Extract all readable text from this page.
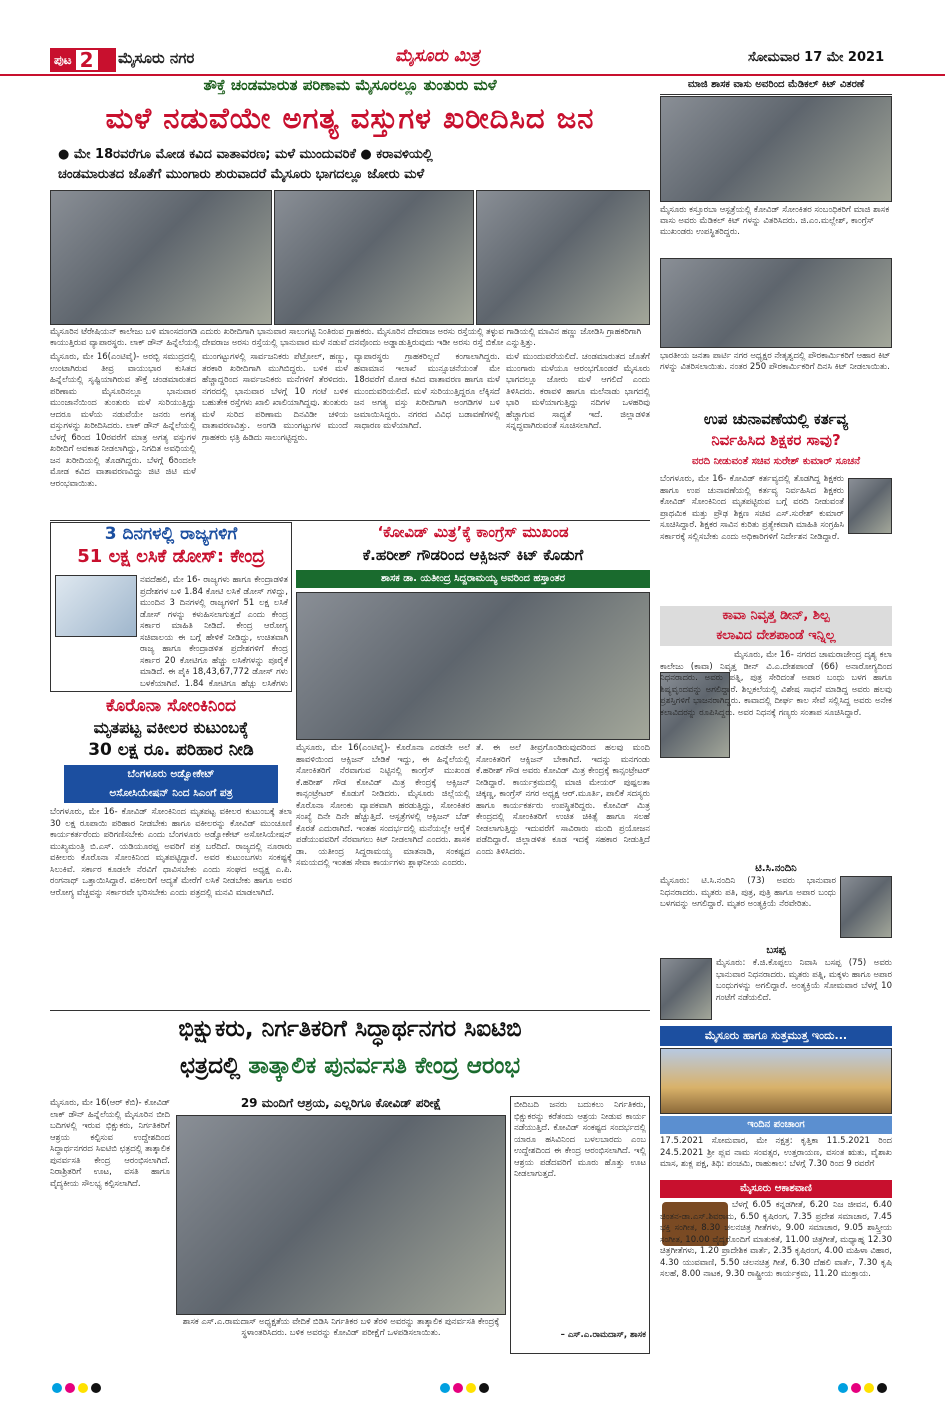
ಪುಟ 2 ಮೈಸೂರು ನಗರ	ಮೈಸೂರು ಮಿತ್ರ	ಸೋಮವಾರ 17 ಮೇ 2021
ತೌಕ್ತೆ ಚಂಡಮಾರುತ ಪರಿಣಾಮ ಮೈಸೂರಲ್ಲೂ ತುಂತುರು ಮಳೆ
ಮಳೆ ನಡುವೆಯೇ ಅಗತ್ಯ ವಸ್ತುಗಳ ಖರೀದಿಸಿದ ಜನ
● ಮೇ 18ರವರೆಗೂ ಮೋಡ ಕವಿದ ವಾತಾವರಣ; ಮಳೆ ಮುಂದುವರಿಕೆ ● ಕರಾವಳಿಯಲ್ಲಿ
ಚಂಡಮಾರುತದ ಜೊತೆಗೆ ಮುಂಗಾರು ಶುರುವಾದರೆ ಮೈಸೂರು ಭಾಗದಲ್ಲೂ ಜೋರು ಮಳೆ
ಮೈಸೂರಿನ ಟೆರೇಷಿಯನ್ ಕಾಲೇಜು ಬಳಿ ಮಾಂಸದಂಗಡಿ ಎದುರು ಖರೀದಿಗಾಗಿ ಭಾನುವಾರ ಸಾಲುಗಟ್ಟಿ ನಿಂತಿರುವ ಗ್ರಾಹಕರು. ಮೈಸೂರಿನ ದೇವರಾಜ ಅರಸು ರಸ್ತೆಯಲ್ಲಿ ತಳ್ಳುವ ಗಾಡಿಯಲ್ಲಿ ಮಾವಿನ ಹಣ್ಣು ಜೋಡಿಸಿ ಗ್ರಾಹಕರಿಗಾಗಿ ಕಾಯುತ್ತಿರುವ ವ್ಯಾಪಾರಸ್ಥರು. ಲಾಕ್ ಡೌನ್ ಹಿನ್ನೆಲೆಯಲ್ಲಿ ದೇವರಾಜ ಅರಸು ರಸ್ತೆಯಲ್ಲಿ ಭಾನುವಾರ ಮಳೆ ನಡುವೆ ದನವೊಂದು ಅಡ್ಡಾಡುತ್ತಿರುವುದು ಇಡೀ ಅರಸು ರಸ್ತೆ ಬಿಕೋ ಎನ್ನುತ್ತಿತ್ತು.
ಮೈಸೂರು, ಮೇ 16(ಎಂಟಿವೈ)- ಅರಬ್ಬಿ ಸಮುದ್ರದಲ್ಲಿ ಉಂಟಾಗಿರುವ ತೀವ್ರ ವಾಯುಭಾರ ಕುಸಿತದ ಹಿನ್ನೆಲೆಯಲ್ಲಿ ಸೃಷ್ಟಿಯಾಗಿರುವ ತೌಕ್ತೆ ಚಂಡಮಾರುತದ ಪರಿಣಾಮ ಮೈಸೂರಿನಲ್ಲೂ ಭಾನುವಾರ ಮುಂಜಾನೆಯಿಂದ ತುಂತುರು ಮಳೆ ಸುರಿಯುತ್ತಿದ್ದು ಆದರೂ ಮಳೆಯ ನಡುವೆಯೇ ಜನರು ಅಗತ್ಯ ವಸ್ತುಗಳನ್ನು ಖರೀದಿಸಿದರು. ಲಾಕ್ ಡೌನ್ ಹಿನ್ನೆಲೆಯಲ್ಲಿ ಬೆಳಗ್ಗೆ 6ರಿಂದ 10ರವರೆಗೆ ಮಾತ್ರ ಅಗತ್ಯ ವಸ್ತುಗಳ ಖರೀದಿಗೆ ಅವಕಾಶ ನೀಡಲಾಗಿದ್ದು, ನಿಗದಿತ ಅವಧಿಯಲ್ಲಿ ಜನ ಖರೀದಿಯಲ್ಲಿ ತೊಡಗಿದ್ದರು. ಬೆಳಗ್ಗೆ 6ರಿಂದಲೇ ಮೋಡ ಕವಿದ ವಾತಾವರಣವಿದ್ದು ಜಿಟಿ ಜಿಟಿ ಮಳೆ ಆರಂಭವಾಯಿತು.
ಮುಂಗಟ್ಟುಗಳಲ್ಲಿ ಸಾರ್ವಜನಿಕರು ಪೆಟ್ರೋಲ್, ಹಣ್ಣು, ತರಕಾರಿ ಖರೀದಿಗಾಗಿ ಮುಗಿಬಿದ್ದರು. ಬಳಿಕ ಮಳೆ ಹೆಚ್ಚಾದ್ದರಿಂದ ಸಾರ್ವಜನಿಕರು ಮನೆಗಳಿಗೆ ತೆರಳಿದರು. ನಗರದಲ್ಲಿ ಭಾನುವಾರ ಬೆಳಗ್ಗೆ 10 ಗಂಟೆ ಬಳಿಕ ಬಹುತೇಕ ರಸ್ತೆಗಳು ಖಾಲಿ ಖಾಲಿಯಾಗಿದ್ದವು. ತುಂತುರು ಮಳೆ ಸುರಿದ ಪರಿಣಾಮ ದಿನವಿಡೀ ಚಳಿಯ ವಾತಾವರಣವಿತ್ತು. ಅಂಗಡಿ ಮುಂಗಟ್ಟುಗಳ ಮುಂದೆ ಗ್ರಾಹಕರು ಛತ್ರಿ ಹಿಡಿದು ಸಾಲುಗಟ್ಟಿದ್ದರು.
ವ್ಯಾಪಾರಸ್ಥರು ಗ್ರಾಹಕರಿಲ್ಲದೆ ಕಂಗಾಲಾಗಿದ್ದರು. ಹವಾಮಾನ ಇಲಾಖೆ ಮುನ್ಸೂಚನೆಯಂತೆ ಮೇ 18ರವರೆಗೆ ಮೋಡ ಕವಿದ ವಾತಾವರಣ ಹಾಗೂ ಮಳೆ ಮುಂದುವರಿಯಲಿದೆ. ಮಳೆ ಸುರಿಯುತ್ತಿದ್ದರೂ ಲೆಕ್ಕಿಸದೆ ಜನ ಅಗತ್ಯ ವಸ್ತು ಖರೀದಿಗಾಗಿ ಅಂಗಡಿಗಳ ಬಳಿ ಜಮಾಯಿಸಿದ್ದರು. ನಗರದ ವಿವಿಧ ಬಡಾವಣೆಗಳಲ್ಲಿ ಸಾಧಾರಣ ಮಳೆಯಾಗಿದೆ.
ಮಳೆ ಮುಂದುವರೆಯಲಿದೆ. ಚಂಡಮಾರುತದ ಜೊತೆಗೆ ಮುಂಗಾರು ಮಳೆಯೂ ಆರಂಭಗೊಂಡರೆ ಮೈಸೂರು ಭಾಗದಲ್ಲೂ ಜೋರು ಮಳೆ ಆಗಲಿದೆ ಎಂದು ತಿಳಿಸಿದರು. ಕರಾವಳಿ ಹಾಗೂ ಮಲೆನಾಡು ಭಾಗದಲ್ಲಿ ಭಾರಿ ಮಳೆಯಾಗುತ್ತಿದ್ದು ನದಿಗಳ ಒಳಹರಿವು ಹೆಚ್ಚಾಗುವ ಸಾಧ್ಯತೆ ಇದೆ. ಜಿಲ್ಲಾಡಳಿತ ಸನ್ನದ್ಧವಾಗಿರುವಂತೆ ಸೂಚಿಸಲಾಗಿದೆ.
3 ದಿನಗಳಲ್ಲಿ ರಾಜ್ಯಗಳಿಗೆ
51 ಲಕ್ಷ ಲಸಿಕೆ ಡೋಸ್: ಕೇಂದ್ರ
ನವದೆಹಲಿ, ಮೇ 16- ರಾಜ್ಯಗಳು ಹಾಗೂ ಕೇಂದ್ರಾಡಳಿತ ಪ್ರದೇಶಗಳ ಬಳಿ 1.84 ಕೋಟಿ ಲಸಿಕೆ ಡೋಸ್ ಗಳಿದ್ದು, ಮುಂದಿನ 3 ದಿನಗಳಲ್ಲಿ ರಾಜ್ಯಗಳಿಗೆ 51 ಲಕ್ಷ ಲಸಿಕೆ ಡೋಸ್ ಗಳನ್ನು ಕಳುಹಿಸಲಾಗುತ್ತದೆ ಎಂದು ಕೇಂದ್ರ ಸರ್ಕಾರ ಮಾಹಿತಿ ನೀಡಿದೆ. ಕೇಂದ್ರ ಆರೋಗ್ಯ ಸಚಿವಾಲಯ ಈ ಬಗ್ಗೆ ಹೇಳಿಕೆ ನೀಡಿದ್ದು, ಉಚಿತವಾಗಿ ರಾಜ್ಯ ಹಾಗೂ ಕೇಂದ್ರಾಡಳಿತ ಪ್ರದೇಶಗಳಿಗೆ ಕೇಂದ್ರ ಸರ್ಕಾರ 20 ಕೋಟಿಗೂ ಹೆಚ್ಚು ಲಸಿಕೆಗಳನ್ನು ಪೂರೈಕೆ ಮಾಡಿದೆ. ಈ ಪೈಕಿ 18,43,67,772 ಡೋಸ್ ಗಳು ಬಳಕೆಯಾಗಿವೆ. 1.84 ಕೋಟಿಗೂ ಹೆಚ್ಚು ಲಸಿಕೆಗಳು
ಕೊರೊನಾ ಸೋಂಕಿನಿಂದ
ಮೃತಪಟ್ಟ ವಕೀಲರ ಕುಟುಂಬಕ್ಕೆ
30 ಲಕ್ಷ ರೂ. ಪರಿಹಾರ ನೀಡಿ
ಬೆಂಗಳೂರು ಅಡ್ವೋಕೇಟ್
ಅಸೋಸಿಯೇಷನ್ ನಿಂದ ಸಿಎಂಗೆ ಪತ್ರ
ಬೆಂಗಳೂರು, ಮೇ 16- ಕೋವಿಡ್ ಸೋಂಕಿನಿಂದ ಮೃತಪಟ್ಟ ವಕೀಲರ ಕುಟುಂಬಕ್ಕೆ ತಲಾ 30 ಲಕ್ಷ ರೂಪಾಯಿ ಪರಿಹಾರ ನೀಡಬೇಕು ಹಾಗೂ ವಕೀಲರನ್ನು ಕೋವಿಡ್ ಮುಂಚೂಣಿ ಕಾರ್ಯಕರ್ತರೆಂದು ಪರಿಗಣಿಸಬೇಕು ಎಂದು ಬೆಂಗಳೂರು ಅಡ್ವೋಕೇಟ್ ಅಸೋಸಿಯೇಷನ್ ಮುಖ್ಯಮಂತ್ರಿ ಬಿ.ಎಸ್. ಯಡಿಯೂರಪ್ಪ ಅವರಿಗೆ ಪತ್ರ ಬರೆದಿದೆ. ರಾಜ್ಯದಲ್ಲಿ ನೂರಾರು ವಕೀಲರು ಕೊರೊನಾ ಸೋಂಕಿನಿಂದ ಮೃತಪಟ್ಟಿದ್ದಾರೆ. ಅವರ ಕುಟುಂಬಗಳು ಸಂಕಷ್ಟಕ್ಕೆ ಸಿಲುಕಿವೆ. ಸರ್ಕಾರ ಕೂಡಲೇ ನೆರವಿಗೆ ಧಾವಿಸಬೇಕು ಎಂದು ಸಂಘದ ಅಧ್ಯಕ್ಷ ಎ.ಪಿ. ರಂಗನಾಥ್ ಒತ್ತಾಯಿಸಿದ್ದಾರೆ. ವಕೀಲರಿಗೆ ಆದ್ಯತೆ ಮೇರೆಗೆ ಲಸಿಕೆ ನೀಡಬೇಕು ಹಾಗೂ ಅವರ ಆರೋಗ್ಯ ವೆಚ್ಚವನ್ನು ಸರ್ಕಾರವೇ ಭರಿಸಬೇಕು ಎಂದು ಪತ್ರದಲ್ಲಿ ಮನವಿ ಮಾಡಲಾಗಿದೆ.
‘ಕೋವಿಡ್ ಮಿತ್ರ’ಕ್ಕೆ ಕಾಂಗ್ರೆಸ್ ಮುಖಂಡ
ಕೆ.ಹರೀಶ್ ಗೌಡರಿಂದ ಆಕ್ಸಿಜನ್ ಕಿಟ್ ಕೊಡುಗೆ
ಶಾಸಕ ಡಾ. ಯತೀಂದ್ರ ಸಿದ್ದರಾಮಯ್ಯ ಅವರಿಂದ ಹಸ್ತಾಂತರ
ಮೈಸೂರು, ಮೇ 16(ಎಂಟಿವೈ)- ಕೊರೊನಾ ಎರಡನೇ ಅಲೆ ಹಾವಳಿಯಿಂದ ಆಕ್ಸಿಜನ್ ಬೇಡಿಕೆ ಇದ್ದು, ಈ ಹಿನ್ನೆಲೆಯಲ್ಲಿ ಸೋಂಕಿತರಿಗೆ ನೆರವಾಗುವ ನಿಟ್ಟಿನಲ್ಲಿ ಕಾಂಗ್ರೆಸ್ ಮುಖಂಡ ಕೆ.ಹರೀಶ್ ಗೌಡ ಕೋವಿಡ್ ಮಿತ್ರ ಕೇಂದ್ರಕ್ಕೆ ಆಕ್ಸಿಜನ್ ಕಾನ್ಸಂಟ್ರೇಟರ್ ಕೊಡುಗೆ ನೀಡಿದರು. ಮೈಸೂರು ಜಿಲ್ಲೆಯಲ್ಲಿ ಕೊರೊನಾ ಸೋಂಕು ವ್ಯಾಪಕವಾಗಿ ಹರಡುತ್ತಿದ್ದು, ಸೋಂಕಿತರ ಸಂಖ್ಯೆ ದಿನೇ ದಿನೇ ಹೆಚ್ಚುತ್ತಿದೆ. ಆಸ್ಪತ್ರೆಗಳಲ್ಲಿ ಆಕ್ಸಿಜನ್ ಬೆಡ್ ಕೊರತೆ ಎದುರಾಗಿದೆ. ಇಂತಹ ಸಂದರ್ಭದಲ್ಲಿ ಮನೆಯಲ್ಲೇ ಆರೈಕೆ ಪಡೆಯುವವರಿಗೆ ನೆರವಾಗಲು ಕಿಟ್ ನೀಡಲಾಗಿದೆ ಎಂದರು. ಶಾಸಕ ಡಾ. ಯತೀಂದ್ರ ಸಿದ್ದರಾಮಯ್ಯ ಮಾತನಾಡಿ, ಸಂಕಷ್ಟದ ಸಮಯದಲ್ಲಿ ಇಂತಹ ಸೇವಾ ಕಾರ್ಯಗಳು ಶ್ಲಾಘನೀಯ ಎಂದರು.
ತೆ. ಈ ಅಲೆ ತೀವ್ರಗೊಂಡಿರುವುದರಿಂದ ಹಲವು ಮಂದಿ ಸೋಂಕಿತರಿಗೆ ಆಕ್ಸಿಜನ್ ಬೇಕಾಗಿದೆ. ಇದನ್ನು ಮನಗಂಡು ಕೆ.ಹರೀಶ್ ಗೌಡ ಅವರು ಕೋವಿಡ್ ಮಿತ್ರ ಕೇಂದ್ರಕ್ಕೆ ಕಾನ್ಸಂಟ್ರೇಟರ್ ನೀಡಿದ್ದಾರೆ. ಕಾರ್ಯಕ್ರಮದಲ್ಲಿ ಮಾಜಿ ಮೇಯರ್ ಪುಷ್ಪಲತಾ ಚಿಕ್ಕಣ್ಣ, ಕಾಂಗ್ರೆಸ್ ನಗರ ಅಧ್ಯಕ್ಷ ಆರ್.ಮೂರ್ತಿ, ಪಾಲಿಕೆ ಸದಸ್ಯರು ಹಾಗೂ ಕಾರ್ಯಕರ್ತರು ಉಪಸ್ಥಿತರಿದ್ದರು. ಕೋವಿಡ್ ಮಿತ್ರ ಕೇಂದ್ರದಲ್ಲಿ ಸೋಂಕಿತರಿಗೆ ಉಚಿತ ಚಿಕಿತ್ಸೆ ಹಾಗೂ ಸಲಹೆ ನೀಡಲಾಗುತ್ತಿದ್ದು ಇದುವರೆಗೆ ಸಾವಿರಾರು ಮಂದಿ ಪ್ರಯೋಜನ ಪಡೆದಿದ್ದಾರೆ. ಜಿಲ್ಲಾಡಳಿತ ಕೂಡ ಇದಕ್ಕೆ ಸಹಕಾರ ನೀಡುತ್ತಿದೆ ಎಂದು ತಿಳಿಸಿದರು.
ಭಿಕ್ಷುಕರು, ನಿರ್ಗತಿಕರಿಗೆ ಸಿದ್ಧಾರ್ಥನಗರ ಸಿಐಟಿಬಿ
ಛತ್ರದಲ್ಲಿ ತಾತ್ಕಾಲಿಕ ಪುನರ್ವಸತಿ ಕೇಂದ್ರ ಆರಂಭ
ಮೈಸೂರು, ಮೇ 16(ಆರ್ ಕೆಬಿ)- ಕೋವಿಡ್ ಲಾಕ್ ಡೌನ್ ಹಿನ್ನೆಲೆಯಲ್ಲಿ ಮೈಸೂರಿನ ಬೀದಿ ಬದಿಗಳಲ್ಲಿ ಇರುವ ಭಿಕ್ಷುಕರು, ನಿರ್ಗತಿಕರಿಗೆ ಆಶ್ರಯ ಕಲ್ಪಿಸುವ ಉದ್ದೇಶದಿಂದ ಸಿದ್ಧಾರ್ಥನಗರದ ಸಿಐಟಿಬಿ ಛತ್ರದಲ್ಲಿ ತಾತ್ಕಾಲಿಕ ಪುನರ್ವಸತಿ ಕೇಂದ್ರ ಆರಂಭಿಸಲಾಗಿದೆ. ನಿರಾಶ್ರಿತರಿಗೆ ಊಟ, ವಸತಿ ಹಾಗೂ ವೈದ್ಯಕೀಯ ಸೌಲಭ್ಯ ಕಲ್ಪಿಸಲಾಗಿದೆ.
29 ಮಂದಿಗೆ ಆಶ್ರಯ, ಎಲ್ಲರಿಗೂ ಕೋವಿಡ್ ಪರೀಕ್ಷೆ
ಶಾಸಕ ಎಸ್.ಎ.ರಾಮದಾಸ್ ಅಧ್ಯಕ್ಷತೆಯ ವೇದಿಕೆ ಬಿಡಿಸಿ ನಿರ್ಗತಿಕರ ಬಳಿ ತೆರಳಿ ಅವರನ್ನು ತಾತ್ಕಾಲಿಕ ಪುನರ್ವಸತಿ ಕೇಂದ್ರಕ್ಕೆ ಸ್ಥಳಾಂತರಿಸಿದರು. ಬಳಿಕ ಅವರನ್ನು ಕೋವಿಡ್ ಪರೀಕ್ಷೆಗೆ ಒಳಪಡಿಸಲಾಯಿತು.
ಬೀದಿಬದಿ ಜನರು ಬದುಕಲು ನಿರ್ಗತಿಕರು, ಭಿಕ್ಷುಕರನ್ನು ಕರೆತಂದು ಆಶ್ರಯ ನೀಡುವ ಕಾರ್ಯ ನಡೆಯುತ್ತಿದೆ. ಕೋವಿಡ್ ಸಂಕಷ್ಟದ ಸಂದರ್ಭದಲ್ಲಿ ಯಾರೂ ಹಸಿವಿನಿಂದ ಬಳಲಬಾರದು ಎಂಬ ಉದ್ದೇಶದಿಂದ ಈ ಕೇಂದ್ರ ಆರಂಭಿಸಲಾಗಿದೆ. ಇಲ್ಲಿ ಆಶ್ರಯ ಪಡೆದವರಿಗೆ ಮೂರು ಹೊತ್ತು ಊಟ ನೀಡಲಾಗುತ್ತದೆ.
– ಎಸ್.ಎ.ರಾಮದಾಸ್, ಶಾಸಕ
ಮಾಜಿ ಶಾಸಕ ವಾಸು ಅವರಿಂದ ಮೆಡಿಕಲ್ ಕಿಟ್ ವಿತರಣೆ
ಮೈಸೂರು ಕಸ್ತೂರಬಾ ಆಸ್ಪತ್ರೆಯಲ್ಲಿ ಕೋವಿಡ್ ಸೋಂಕಿತರ ಸಂಬಂಧಿಕರಿಗೆ ಮಾಜಿ ಶಾಸಕ ವಾಸು ಅವರು ಮೆಡಿಕಲ್ ಕಿಟ್ ಗಳನ್ನು ವಿತರಿಸಿದರು. ಜಿ.ಎಂ.ಮಲ್ಲೇಶ್, ಕಾಂಗ್ರೆಸ್ ಮುಖಂಡರು ಉಪಸ್ಥಿತರಿದ್ದರು.
ಭಾರತೀಯ ಜನತಾ ಪಾರ್ಟಿ ನಗರ ಅಧ್ಯಕ್ಷರ ನೇತೃತ್ವದಲ್ಲಿ ಪೌರಕಾರ್ಮಿಕರಿಗೆ ಆಹಾರ ಕಿಟ್ ಗಳನ್ನು ವಿತರಿಸಲಾಯಿತು. ನಂತರ 250 ಪೌರಕಾರ್ಮಿಕರಿಗೆ ದಿನಸಿ ಕಿಟ್ ನೀಡಲಾಯಿತು.
ಉಪ ಚುನಾವಣೆಯಲ್ಲಿ ಕರ್ತವ್ಯ
ನಿರ್ವಹಿಸಿದ ಶಿಕ್ಷಕರ ಸಾವು?
ವರದಿ ನೀಡುವಂತೆ ಸಚಿವ ಸುರೇಶ್ ಕುಮಾರ್ ಸೂಚನೆ
ಬೆಂಗಳೂರು, ಮೇ 16- ಕೋವಿಡ್ ಕರ್ತವ್ಯದಲ್ಲಿ ತೊಡಗಿದ್ದ ಶಿಕ್ಷಕರು ಹಾಗೂ ಉಪ ಚುನಾವಣೆಯಲ್ಲಿ ಕರ್ತವ್ಯ ನಿರ್ವಹಿಸಿದ ಶಿಕ್ಷಕರು ಕೋವಿಡ್ ಸೋಂಕಿನಿಂದ ಮೃತಪಟ್ಟಿರುವ ಬಗ್ಗೆ ವರದಿ ನೀಡುವಂತೆ ಪ್ರಾಥಮಿಕ ಮತ್ತು ಪ್ರೌಢ ಶಿಕ್ಷಣ ಸಚಿವ ಎಸ್.ಸುರೇಶ್ ಕುಮಾರ್ ಸೂಚಿಸಿದ್ದಾರೆ. ಶಿಕ್ಷಕರ ಸಾವಿನ ಕುರಿತು ಪ್ರತ್ಯೇಕವಾಗಿ ಮಾಹಿತಿ ಸಂಗ್ರಹಿಸಿ ಸರ್ಕಾರಕ್ಕೆ ಸಲ್ಲಿಸಬೇಕು ಎಂದು ಅಧಿಕಾರಿಗಳಿಗೆ ನಿರ್ದೇಶನ ನೀಡಿದ್ದಾರೆ.
ಕಾವಾ ನಿವೃತ್ತ ಡೀನ್, ಶಿಲ್ಪ
ಕಲಾವಿದ ದೇಶಪಾಂಡೆ ಇನ್ನಿಲ್ಲ
ಮೈಸೂರು, ಮೇ 16- ನಗರದ ಚಾಮರಾಜೇಂದ್ರ ದೃಶ್ಯ ಕಲಾ ಕಾಲೇಜು (ಕಾವಾ) ನಿವೃತ್ತ ಡೀನ್ ವಿ.ಎ.ದೇಶಪಾಂಡೆ (66) ಅನಾರೋಗ್ಯದಿಂದ ನಿಧನರಾದರು. ಅವರು ಪತ್ನಿ, ಪುತ್ರ ಸೇರಿದಂತೆ ಅಪಾರ ಬಂಧು ಬಳಗ ಹಾಗೂ ಶಿಷ್ಯವೃಂದವನ್ನು ಅಗಲಿದ್ದಾರೆ. ಶಿಲ್ಪಕಲೆಯಲ್ಲಿ ವಿಶೇಷ ಸಾಧನೆ ಮಾಡಿದ್ದ ಅವರು ಹಲವು ಪ್ರಶಸ್ತಿಗಳಿಗೆ ಭಾಜನರಾಗಿದ್ದರು. ಕಾವಾದಲ್ಲಿ ದೀರ್ಘ ಕಾಲ ಸೇವೆ ಸಲ್ಲಿಸಿದ್ದ ಅವರು ಅನೇಕ ಕಲಾವಿದರನ್ನು ರೂಪಿಸಿದ್ದರು. ಅವರ ನಿಧನಕ್ಕೆ ಗಣ್ಯರು ಸಂತಾಪ ಸೂಚಿಸಿದ್ದಾರೆ.
ಟಿ.ಸಿ.ನಂದಿನಿ
ಮೈಸೂರು: ಟಿ.ಸಿ.ನಂದಿನಿ (73) ಅವರು ಭಾನುವಾರ ನಿಧನರಾದರು. ಮೃತರು ಪತಿ, ಪುತ್ರ, ಪುತ್ರಿ ಹಾಗೂ ಅಪಾರ ಬಂಧು ಬಳಗವನ್ನು ಅಗಲಿದ್ದಾರೆ. ಮೃತರ ಅಂತ್ಯಕ್ರಿಯೆ ನೆರವೇರಿತು.
ಬಸಪ್ಪ
ಮೈಸೂರು: ಕೆ.ಜಿ.ಕೊಪ್ಪಲು ನಿವಾಸಿ ಬಸಪ್ಪ (75) ಅವರು ಭಾನುವಾರ ನಿಧನರಾದರು. ಮೃತರು ಪತ್ನಿ, ಮಕ್ಕಳು ಹಾಗೂ ಅಪಾರ ಬಂಧುಗಳನ್ನು ಅಗಲಿದ್ದಾರೆ. ಅಂತ್ಯಕ್ರಿಯೆ ಸೋಮವಾರ ಬೆಳಗ್ಗೆ 10 ಗಂಟೆಗೆ ನಡೆಯಲಿದೆ.
ಮೈಸೂರು ಹಾಗೂ ಸುತ್ತಮುತ್ತ ಇಂದು...
ಇಂದಿನ ಪಂಚಾಂಗ
17.5.2021 ಸೋಮವಾರ, ಮೇ ನಕ್ಷತ್ರ: ಕೃತ್ತಿಕಾ 11.5.2021 ರಿಂದ 24.5.2021 ಶ್ರೀ ಪ್ಲವ ನಾಮ ಸಂವತ್ಸರ, ಉತ್ತರಾಯಣ, ವಸಂತ ಋತು, ವೈಶಾಖ ಮಾಸ, ಶುಕ್ಲ ಪಕ್ಷ, ತಿಥಿ: ಪಂಚಮಿ, ರಾಹುಕಾಲ: ಬೆಳಗ್ಗೆ 7.30 ರಿಂದ 9 ರವರೆಗೆ
ಮೈಸೂರು ಆಕಾಶವಾಣಿ
ಬೆಳಗ್ಗೆ 6.05 ಕನ್ನಡಗೀತೆ, 6.20 ನಿಜ ಜೀವನ, 6.40 ಚಿಂತನ-ಡಾ.ಎಸ್.ಶಿವರಾಮ, 6.50 ಕೃಷಿರಂಗ, 7.35 ಪ್ರದೇಶ ಸಮಾಚಾರ, 7.45 ಭಕ್ತಿ ಸಂಗೀತ, 8.30 ಚಲನಚಿತ್ರ ಗೀತೆಗಳು, 9.00 ಸಮಾಚಾರ, 9.05 ಶಾಸ್ತ್ರೀಯ ಸಂಗೀತ, 10.00 ವೈದ್ಯರೊಂದಿಗೆ ಮಾತುಕತೆ, 11.00 ಚಿತ್ರಗೀತೆ, ಮಧ್ಯಾಹ್ನ 12.30 ಚಿತ್ರಗೀತೆಗಳು, 1.20 ಪ್ರಾದೇಶಿಕ ವಾರ್ತೆ, 2.35 ಕೃಷಿರಂಗ, 4.00 ಮಹಿಳಾ ವಿಹಾರ, 4.30 ಯುವವಾಣಿ, 5.50 ಚಲನಚಿತ್ರ ಗೀತೆ, 6.30 ದೆಹಲಿ ವಾರ್ತೆ, 7.30 ಕೃಷಿ ಸಲಹೆ, 8.00 ನಾಟಕ, 9.30 ರಾಷ್ಟ್ರೀಯ ಕಾರ್ಯಕ್ರಮ, 11.20 ಮುಕ್ತಾಯ.
